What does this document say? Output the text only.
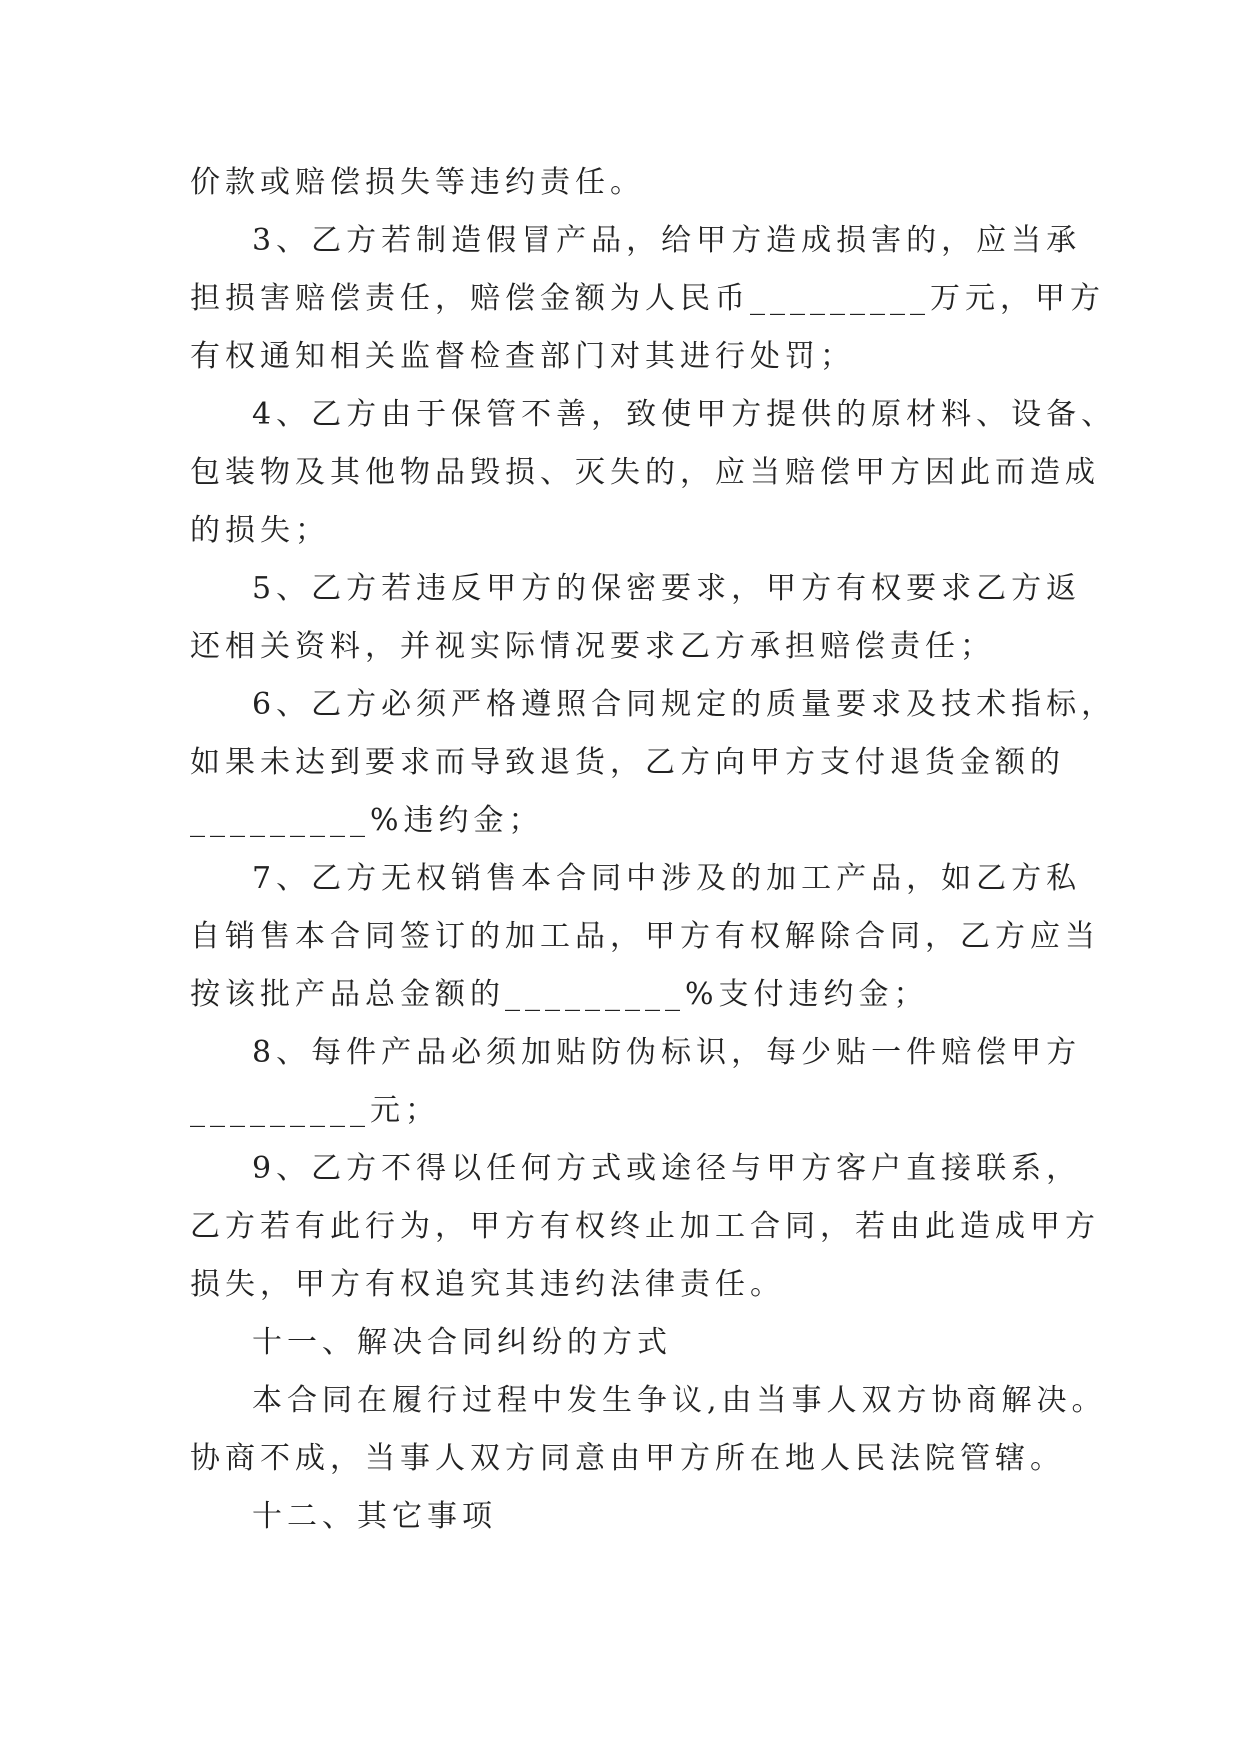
价款或赔偿损失等违约责任。
3、乙方若制造假冒产品，给甲方造成损害的，应当承
担损害赔偿责任，赔偿金额为人民币_________万元，甲方
有权通知相关监督检查部门对其进行处罚；
4、乙方由于保管不善，致使甲方提供的原材料、设备、
包装物及其他物品毁损、灭失的，应当赔偿甲方因此而造成
的损失；
5、乙方若违反甲方的保密要求，甲方有权要求乙方返
还相关资料，并视实际情况要求乙方承担赔偿责任；
6、乙方必须严格遵照合同规定的质量要求及技术指标，
如果未达到要求而导致退货，乙方向甲方支付退货金额的
_________%违约金；
7、乙方无权销售本合同中涉及的加工产品，如乙方私
自销售本合同签订的加工品，甲方有权解除合同，乙方应当
按该批产品总金额的_________%支付违约金；
8、每件产品必须加贴防伪标识，每少贴一件赔偿甲方
_________元；
9、乙方不得以任何方式或途径与甲方客户直接联系，
乙方若有此行为，甲方有权终止加工合同，若由此造成甲方
损失，甲方有权追究其违约法律责任。
十一、解决合同纠纷的方式
本合同在履行过程中发生争议,由当事人双方协商解决。
协商不成，当事人双方同意由甲方所在地人民法院管辖。
十二、其它事项
